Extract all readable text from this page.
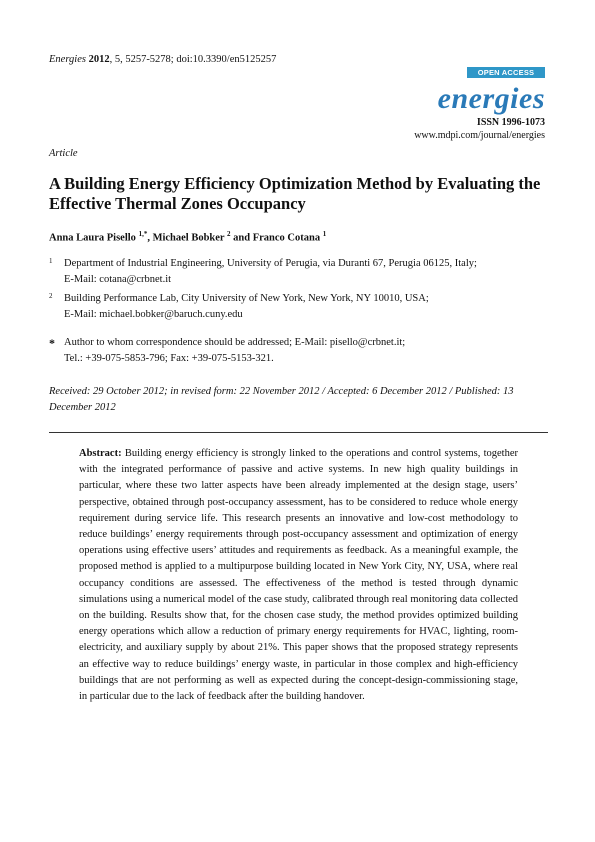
Energies 2012, 5, 5257-5278; doi:10.3390/en5125257
OPEN ACCESS
energies
ISSN 1996-1073
www.mdpi.com/journal/energies
Article
A Building Energy Efficiency Optimization Method by Evaluating the Effective Thermal Zones Occupancy
Anna Laura Pisello $^{1,*}$, Michael Bobker $^2$ and Franco Cotana $^1$
1 Department of Industrial Engineering, University of Perugia, via Duranti 67, Perugia 06125, Italy;
E-Mail: cotana@crbnet.it
2 Building Performance Lab, City University of New York, New York, NY 10010, USA;
E-Mail: michael.bobker@baruch.cuny.edu
* Author to whom correspondence should be addressed; E-Mail: pisello@crbnet.it;
Tel.: +39-075-5853-796; Fax: +39-075-5153-321.
Received: 29 October 2012; in revised form: 22 November 2012 / Accepted: 6 December 2012 / Published: 13 December 2012
Abstract: Building energy efficiency is strongly linked to the operations and control systems, together with the integrated performance of passive and active systems. In new high quality buildings in particular, where these two latter aspects have been already implemented at the design stage, users’ perspective, obtained through post-occupancy assessment, has to be considered to reduce whole energy requirement during service life. This research presents an innovative and low-cost methodology to reduce buildings’ energy requirements through post-occupancy assessment and optimization of energy operations using effective users’ attitudes and requirements as feedback. As a meaningful example, the proposed method is applied to a multipurpose building located in New York City, NY, USA, where real occupancy conditions are assessed. The effectiveness of the method is tested through dynamic simulations using a numerical model of the case study, calibrated through real monitoring data collected on the building. Results show that, for the chosen case study, the method provides optimized building energy operations which allow a reduction of primary energy requirements for HVAC, lighting, room-electricity, and auxiliary supply by about 21%. This paper shows that the proposed strategy represents an effective way to reduce buildings’ energy waste, in particular in those complex and high-efficiency buildings that are not performing as well as expected during the concept-design-commissioning stage, in particular due to the lack of feedback after the building handover.
